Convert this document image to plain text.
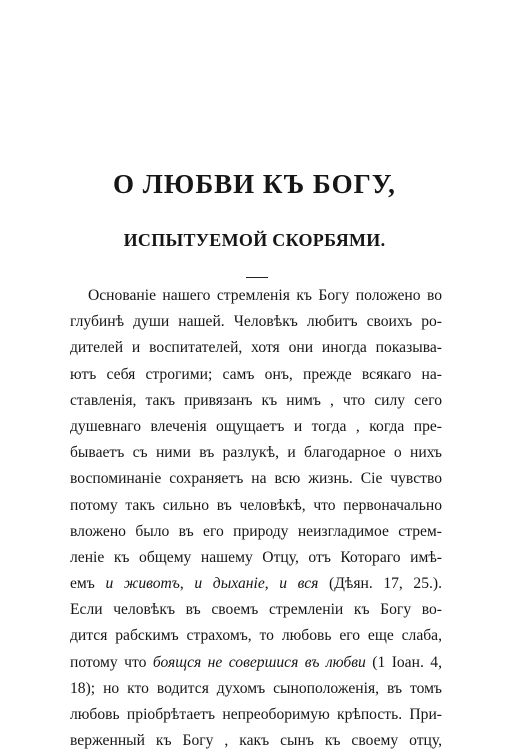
О ЛЮБВИ КЪ БОГУ,
ИСПЫТУЕМОЙ СКОРБЯМИ.
Основаніе нашего стремленія къ Богу положено во
глубинѣ души нашей. Человѣкъ любитъ своихъ ро-
дителей и воспитателей, хотя они иногда показыва-
ютъ себя строгими; самъ онъ, прежде всякаго на-
ставленія, такъ привязанъ къ нимъ , что силу сего
душевнаго влеченія ощущаетъ и тогда , когда пре-
бываетъ съ ними въ разлукѣ, и благодарное о нихъ
воспоминаніе сохраняетъ на всю жизнь. Сіе чувство
потому такъ сильно въ человѣкѣ, что первоначально
вложено было въ его природу неизгладимое стрем-
леніе къ общему нашему Отцу, отъ Котораго имѣ-
емъ и животъ, и дыханіе, и вся (Дѣян. 17, 25.).
Если человѣкъ въ своемъ стремленіи къ Богу во-
дится рабскимъ страхомъ, то любовь его еще слаба,
потому что боящся не совершися въ любви (1 Іоан. 4,
18); но кто водится духомъ сыноположенія, въ томъ
любовь пріобрѣтаетъ непреоборимую крѣпость. При-
верженный къ Богу , какъ сынъ къ своему отцу,
